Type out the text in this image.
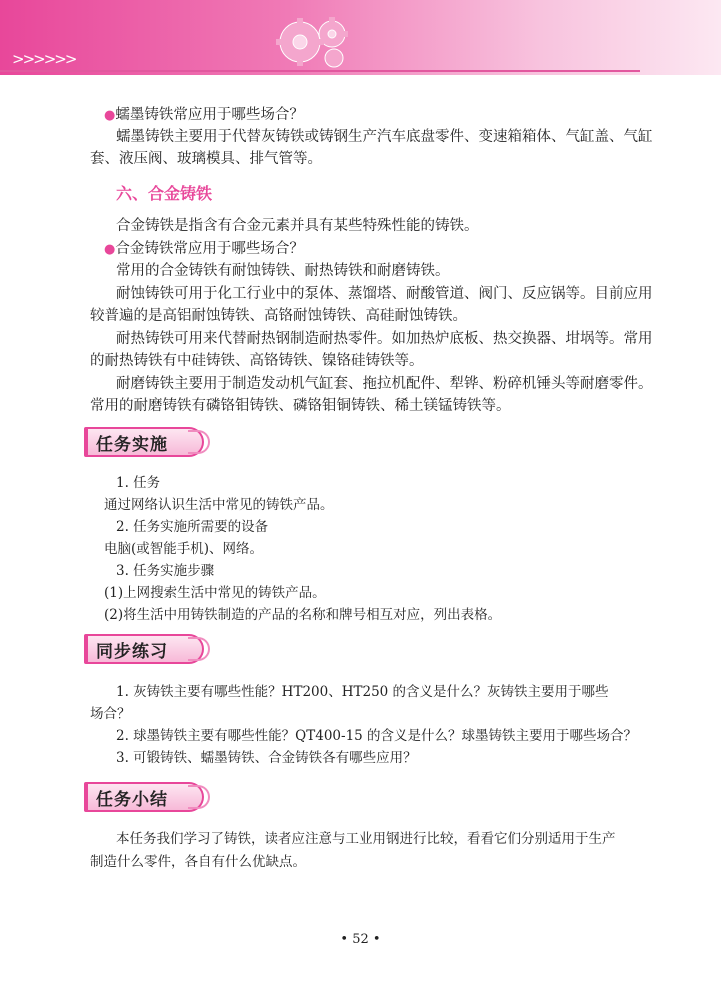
>>>>>>
●蠕墨铸铁常应用于哪些场合？
蠕墨铸铁主要用于代替灰铸铁或铸钢生产汽车底盘零件、变速箱箱体、气缸盖、气缸
套、液压阀、玻璃模具、排气管等。
六、合金铸铁
合金铸铁是指含有合金元素并具有某些特殊性能的铸铁。
●合金铸铁常应用于哪些场合？
常用的合金铸铁有耐蚀铸铁、耐热铸铁和耐磨铸铁。
耐蚀铸铁可用于化工行业中的泵体、蒸馏塔、耐酸管道、阀门、反应锅等。目前应用
较普遍的是高铝耐蚀铸铁、高铬耐蚀铸铁、高硅耐蚀铸铁。
耐热铸铁可用来代替耐热钢制造耐热零件。如加热炉底板、热交换器、坩埚等。常用
的耐热铸铁有中硅铸铁、高铬铸铁、镍铬硅铸铁等。
耐磨铸铁主要用于制造发动机气缸套、拖拉机配件、犁铧、粉碎机锤头等耐磨零件。
常用的耐磨铸铁有磷铬钼铸铁、磷铬钼铜铸铁、稀土镁锰铸铁等。
任务实施
1. 任务
通过网络认识生活中常见的铸铁产品。
2. 任务实施所需要的设备
电脑(或智能手机)、网络。
3. 任务实施步骤
(1)上网搜索生活中常见的铸铁产品。
(2)将生活中用铸铁制造的产品的名称和牌号相互对应，列出表格。
同步练习
1. 灰铸铁主要有哪些性能？HT200、HT250 的含义是什么？灰铸铁主要用于哪些
场合？
2. 球墨铸铁主要有哪些性能？QT400-15 的含义是什么？球墨铸铁主要用于哪些场合？
3. 可锻铸铁、蠕墨铸铁、合金铸铁各有哪些应用？
任务小结
本任务我们学习了铸铁，读者应注意与工业用钢进行比较，看看它们分别适用于生产
制造什么零件，各自有什么优缺点。
• 52 •
